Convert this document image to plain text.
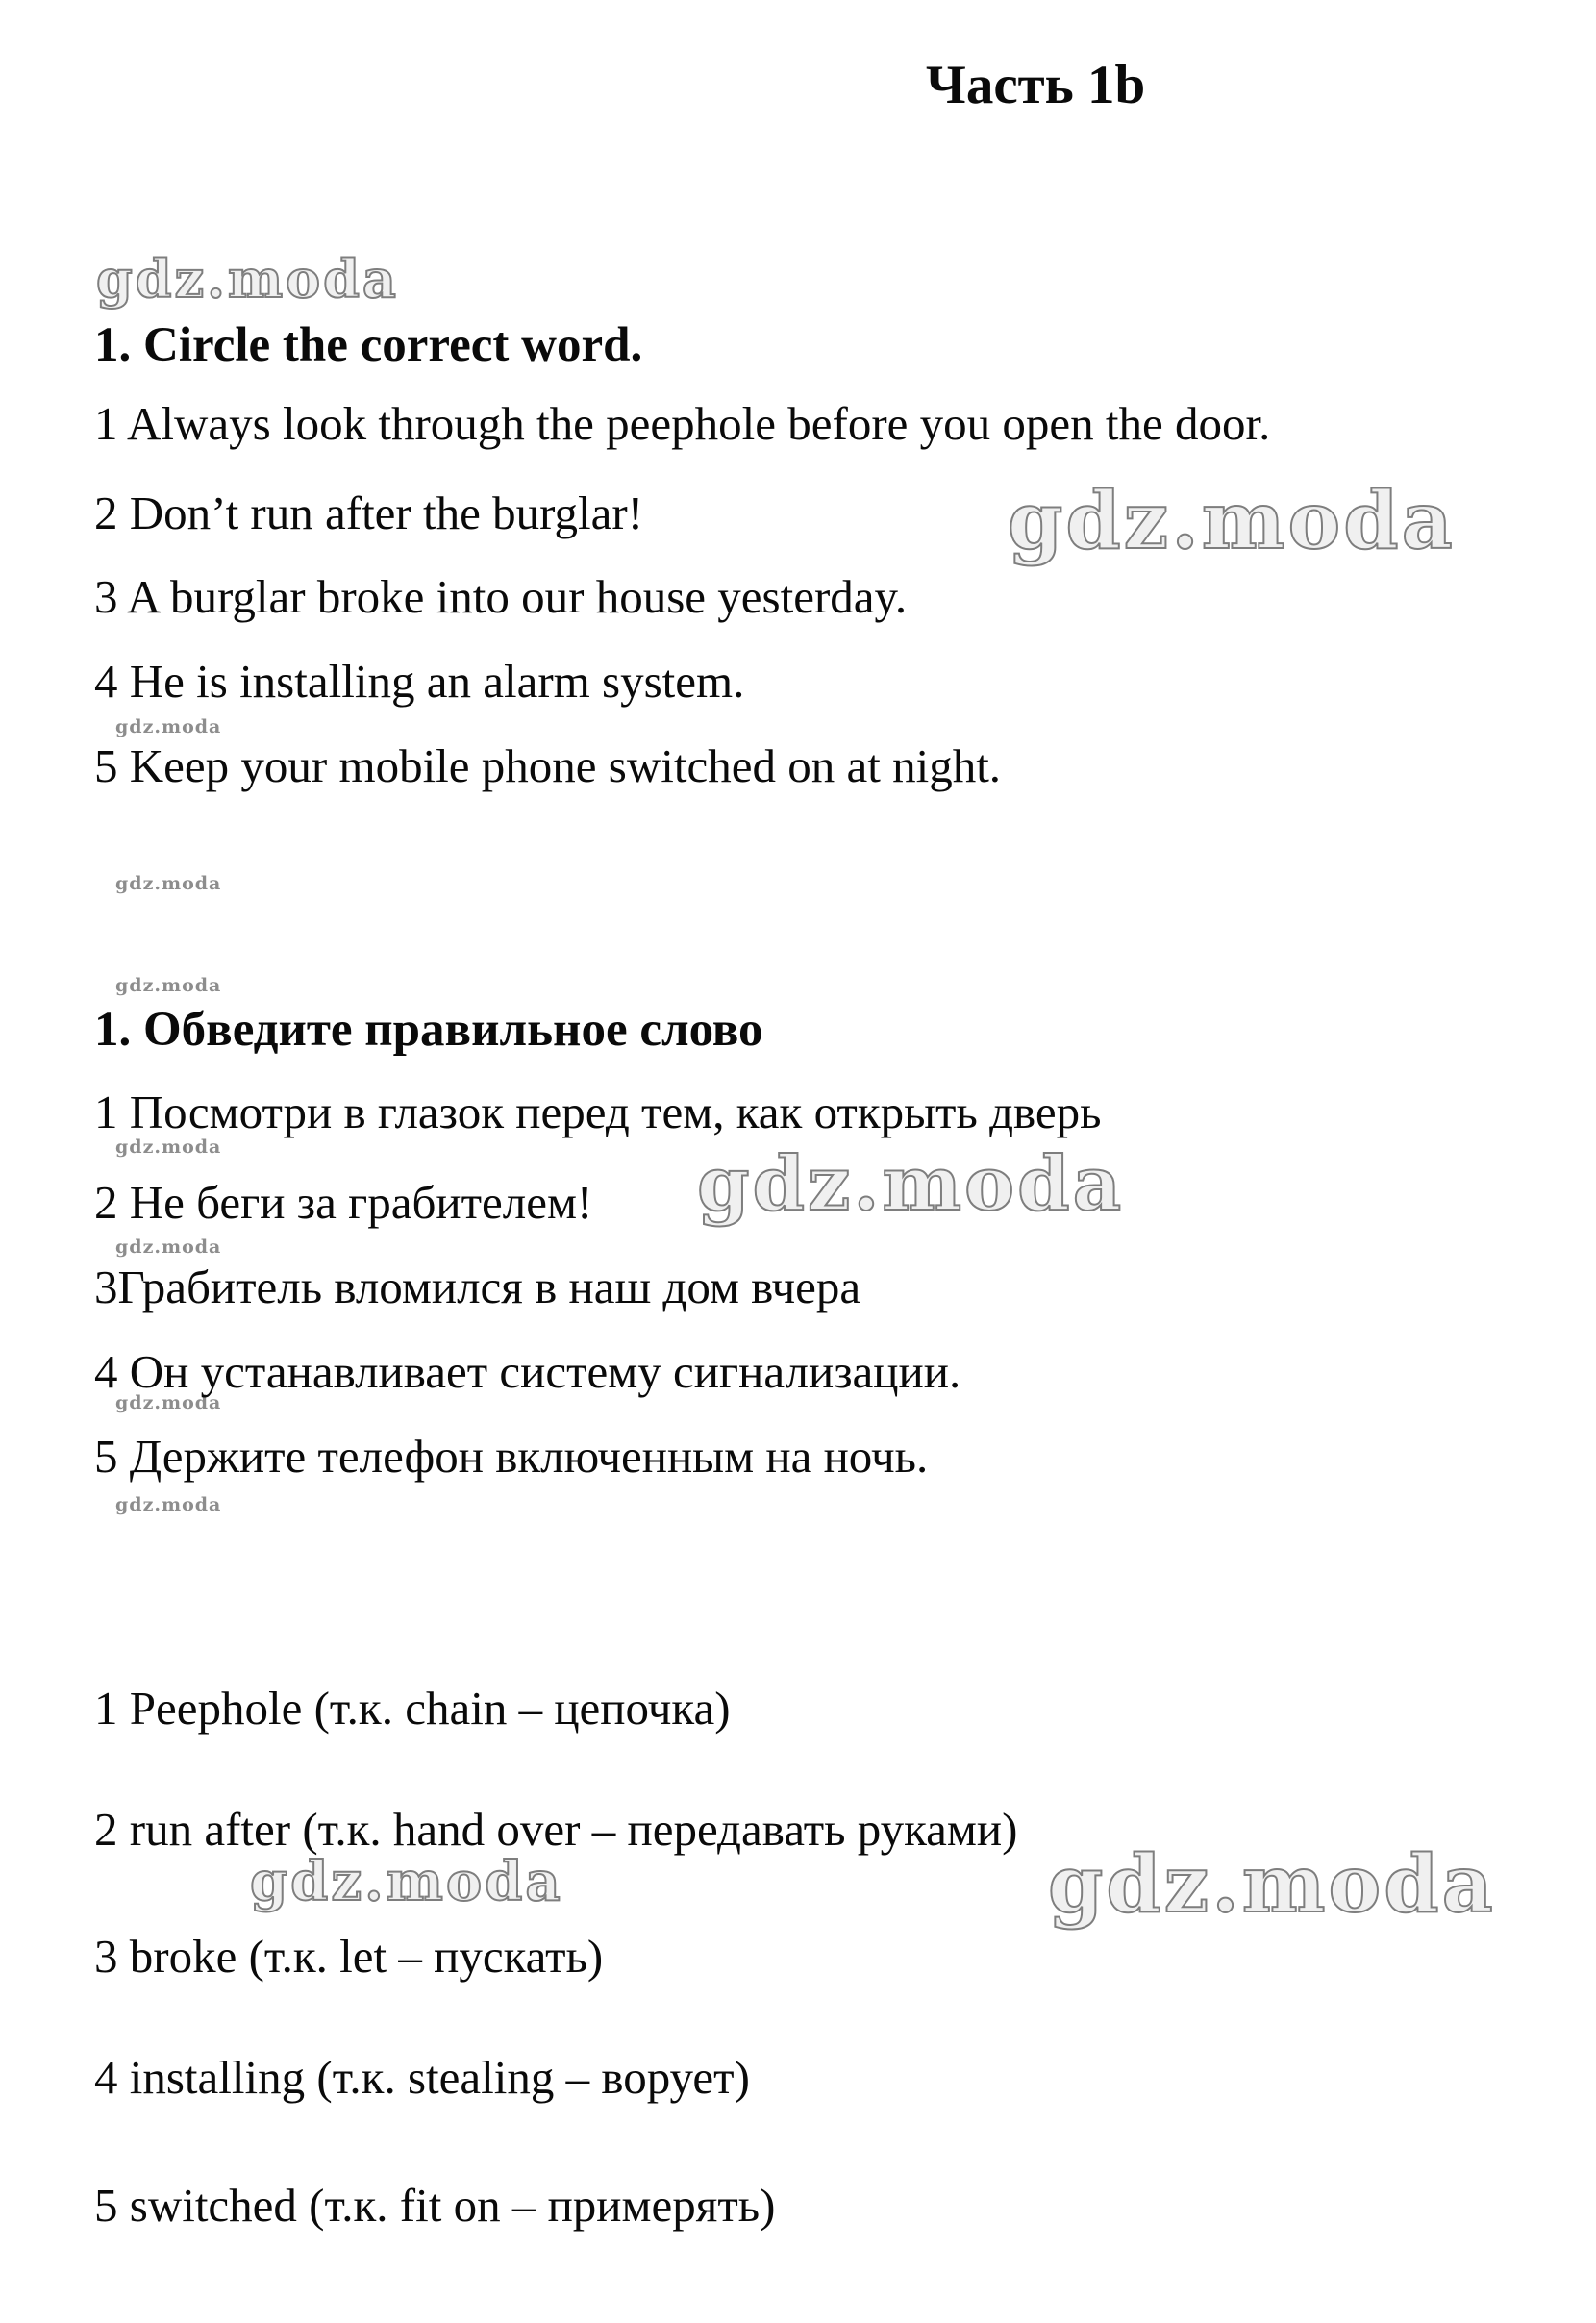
Часть 1b
gdz.moda
1. Circle the correct word.
1 Always look through the peephole before you open the door.
2 Don’t run after the burglar!
3 A burglar broke into our house yesterday.
4 He is installing an alarm system.
5 Keep your mobile phone switched on at night.
gdz.moda
gdz.moda
gdz.moda
gdz.moda
1. Обведите правильное слово
1 Посмотри в глазок перед тем, как открыть дверь
2 Не беги за грабителем!
3Грабитель вломился в наш дом вчера
4 Он устанавливает систему сигнализации.
5 Держите телефон включенным на ночь.
gdz.moda
gdz.moda
gdz.moda
gdz.moda
gdz.moda
1 Peephole (т.к. chain – цепочка)
2 run after (т.к. hand over – передавать руками)
3 broke (т.к. let – пускать)
4 installing (т.к. stealing – ворует)
5 switched (т.к. fit on – примерять)
gdz.moda	gdz.moda
